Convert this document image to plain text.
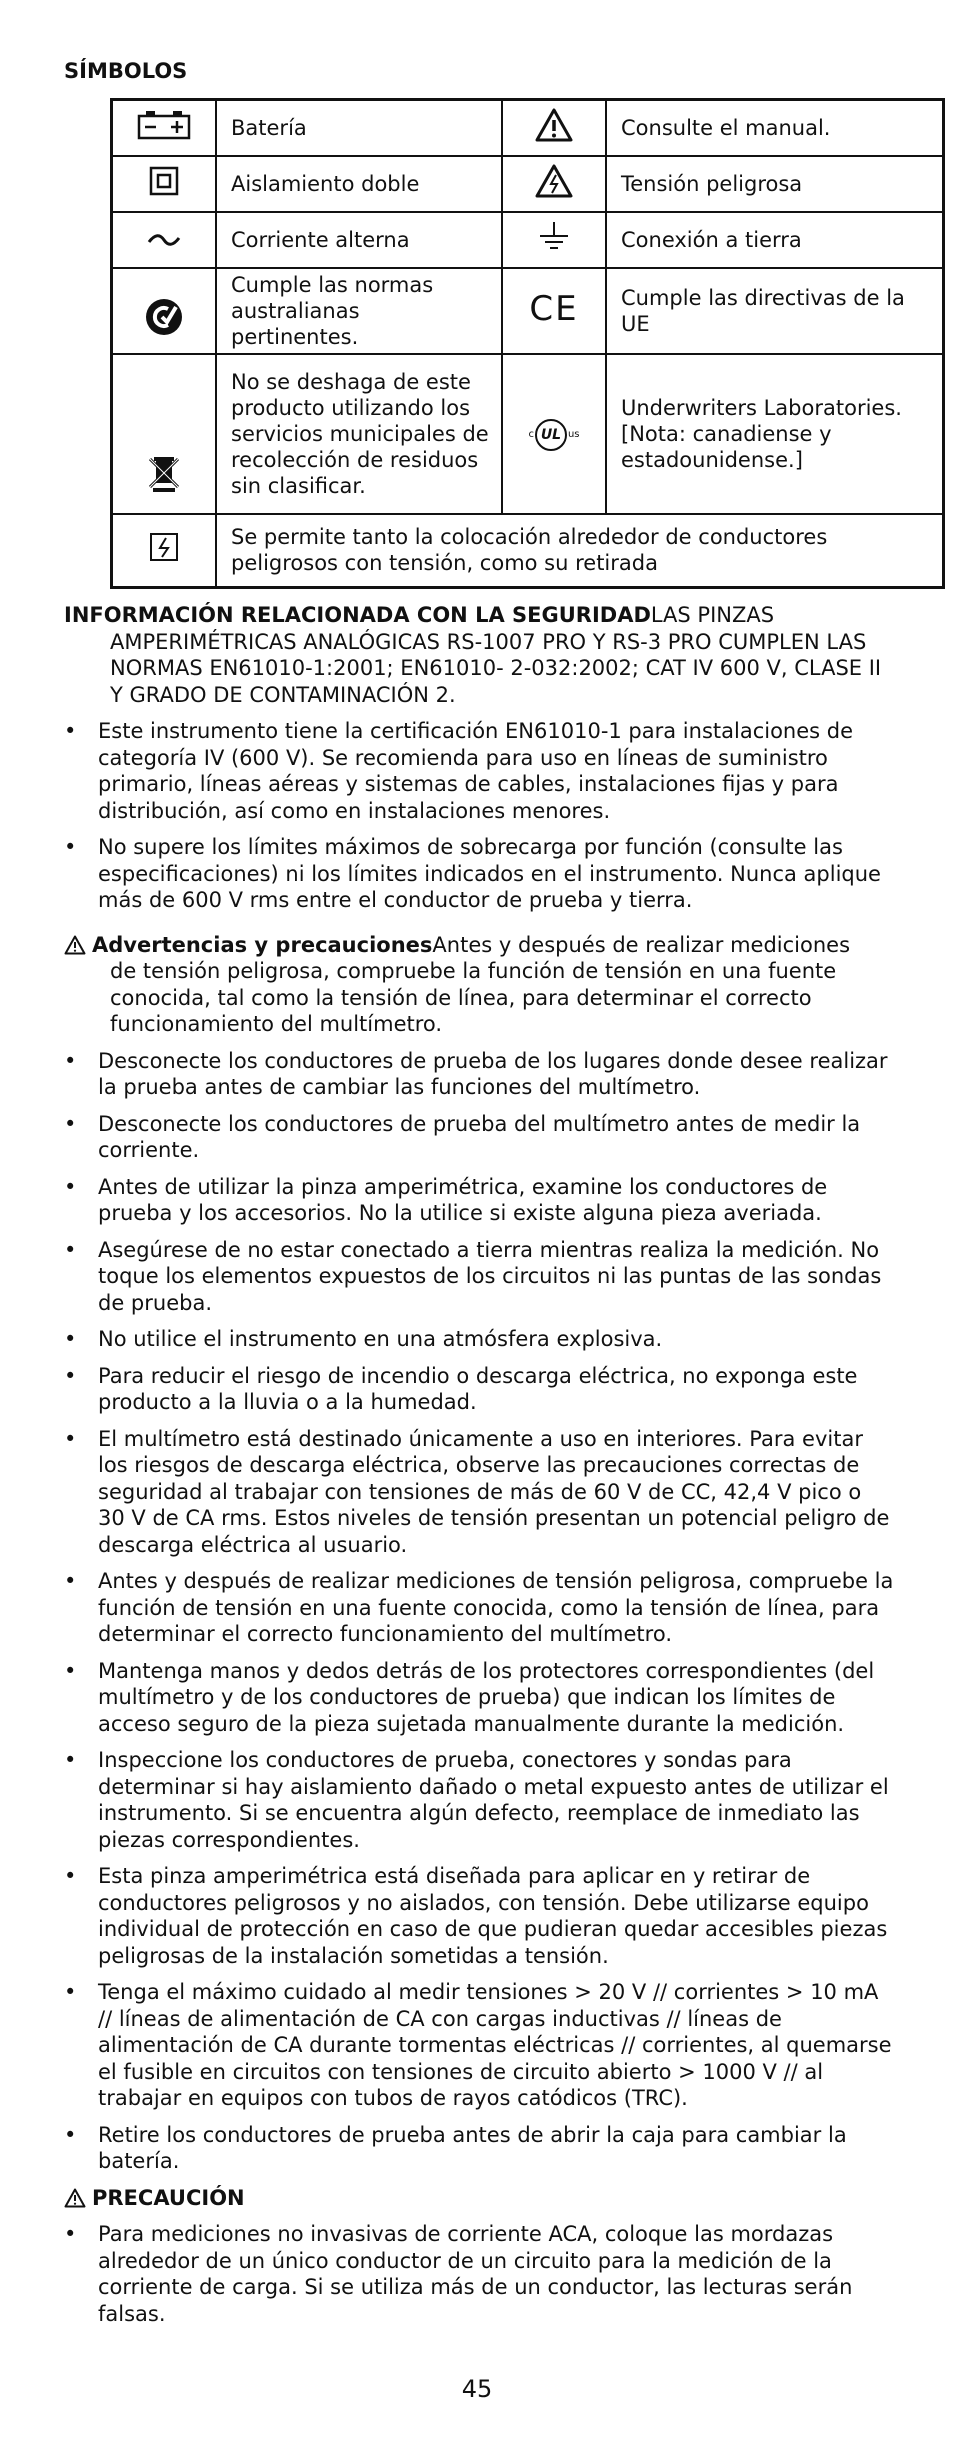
SÍMBOLOS
	Batería		Consulte el manual.

	Aislamiento doble		Tensión peligrosa

	Corriente alterna		Conexión a tierra

	Cumple las normas australianas pertinentes.	CE	Cumple las directivas de la UE

	No se deshaga de este producto utilizando los servicios municipales de recolección de residuos sin clasificar.	c UL us	Underwriters Laboratories. [Nota: canadiense y estadounidense.]

	Se permite tanto la colocación alrededor de conductores peligrosos con tensión, como su retirada		

INFORMACIÓN RELACIONADA CON LA SEGURIDADLAS PINZAS
AMPERIMÉTRICAS ANALÓGICAS RS-1007 PRO Y RS-3 PRO CUMPLEN LAS NORMAS EN61010-1:2001; EN61010- 2-032:2002; CAT IV 600 V, CLASE II Y GRADO DE CONTAMINACIÓN 2.

• Este instrumento tiene la certificación EN61010-1 para instalaciones de categoría IV (600 V). Se recomienda para uso en líneas de suministro primario, líneas aéreas y sistemas de cables, instalaciones fijas y para distribución, así como en instalaciones menores.
• No supere los límites máximos de sobrecarga por función (consulte las especificaciones) ni los límites indicados en el instrumento. Nunca aplique más de 600 V rms entre el conductor de prueba y tierra.

Advertencias y precaucionesAntes y después de realizar mediciones
de tensión peligrosa, compruebe la función de tensión en una fuente conocida, tal como la tensión de línea, para determinar el correcto funcionamiento del multímetro.

• Desconecte los conductores de prueba de los lugares donde desee realizar la prueba antes de cambiar las funciones del multímetro.
• Desconecte los conductores de prueba del multímetro antes de medir la corriente.
• Antes de utilizar la pinza amperimétrica, examine los conductores de prueba y los accesorios. No la utilice si existe alguna pieza averiada.
• Asegúrese de no estar conectado a tierra mientras realiza la medición. No toque los elementos expuestos de los circuitos ni las puntas de las sondas de prueba.
• No utilice el instrumento en una atmósfera explosiva.
• Para reducir el riesgo de incendio o descarga eléctrica, no exponga este producto a la lluvia o a la humedad.
• El multímetro está destinado únicamente a uso en interiores. Para evitar los riesgos de descarga eléctrica, observe las precauciones correctas de seguridad al trabajar con tensiones de más de 60 V de CC, 42,4 V pico o 30 V de CA rms. Estos niveles de tensión presentan un potencial peligro de descarga eléctrica al usuario.
• Antes y después de realizar mediciones de tensión peligrosa, compruebe la función de tensión en una fuente conocida, como la tensión de línea, para determinar el correcto funcionamiento del multímetro.
• Mantenga manos y dedos detrás de los protectores correspondientes (del multímetro y de los conductores de prueba) que indican los límites de acceso seguro de la pieza sujetada manualmente durante la medición.
• Inspeccione los conductores de prueba, conectores y sondas para determinar si hay aislamiento dañado o metal expuesto antes de utilizar el instrumento. Si se encuentra algún defecto, reemplace de inmediato las piezas correspondientes.
• Esta pinza amperimétrica está diseñada para aplicar en y retirar de conductores peligrosos y no aislados, con tensión. Debe utilizarse equipo individual de protección en caso de que pudieran quedar accesibles piezas peligrosas de la instalación sometidas a tensión.
• Tenga el máximo cuidado al medir tensiones > 20 V // corrientes > 10 mA // líneas de alimentación de CA con cargas inductivas // líneas de alimentación de CA durante tormentas eléctricas // corrientes, al quemarse el fusible en circuitos con tensiones de circuito abierto > 1000 V // al trabajar en equipos con tubos de rayos catódicos (TRC).
• Retire los conductores de prueba antes de abrir la caja para cambiar la batería.

PRECAUCIÓN

• Para mediciones no invasivas de corriente ACA, coloque las mordazas alrededor de un único conductor de un circuito para la medición de la corriente de carga. Si se utiliza más de un conductor, las lecturas serán falsas.
45
